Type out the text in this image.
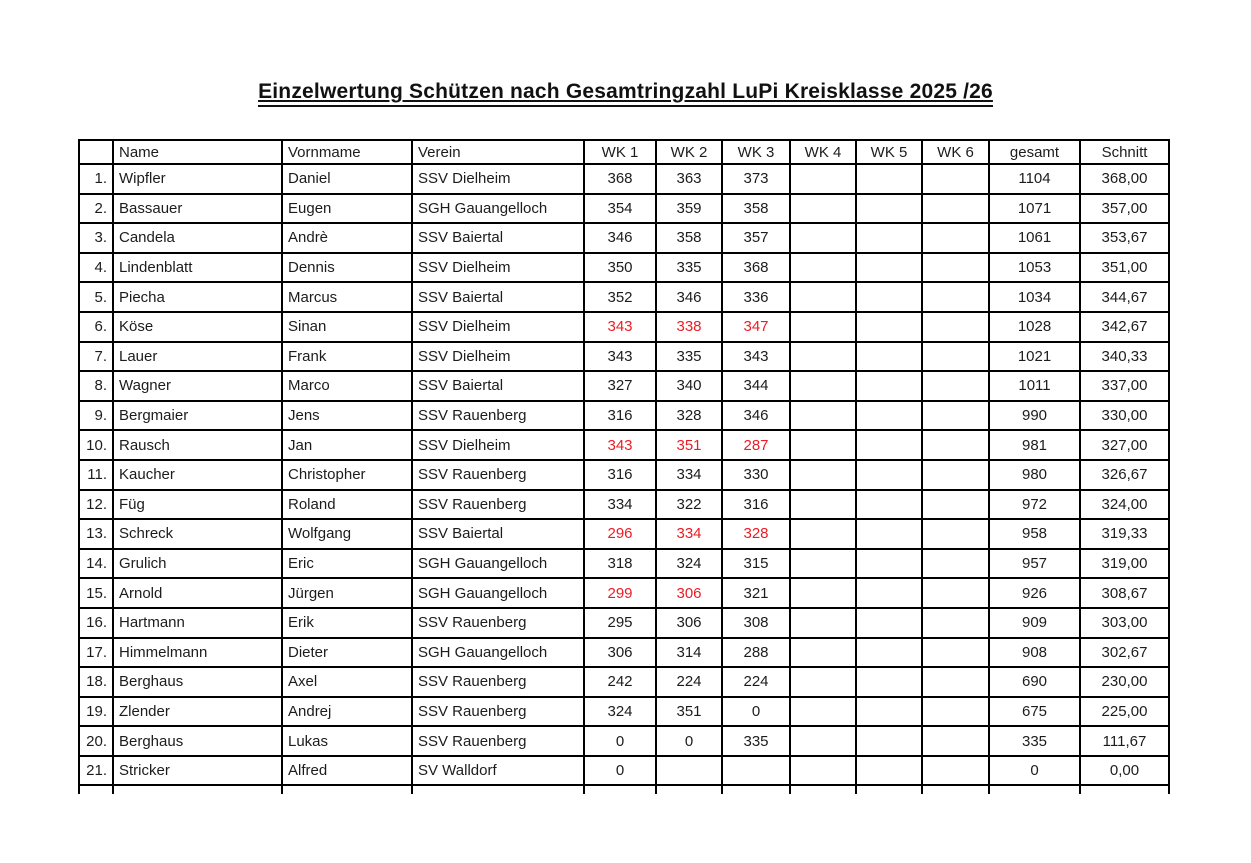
Einzelwertung Schützen nach Gesamtringzahl LuPi Kreisklasse 2025 /26
	Name	Vornmame	Verein	WK 1	WK 2	WK 3	WK 4	WK 5	WK 6	gesamt	Schnitt
1.	Wipfler	Daniel	SSV Dielheim	368	363	373				1104	368,00
2.	Bassauer	Eugen	SGH Gauangelloch	354	359	358				1071	357,00
3.	Candela	Andrè	SSV Baiertal	346	358	357				1061	353,67
4.	Lindenblatt	Dennis	SSV Dielheim	350	335	368				1053	351,00
5.	Piecha	Marcus	SSV Baiertal	352	346	336				1034	344,67
6.	Köse	Sinan	SSV Dielheim	343	338	347				1028	342,67
7.	Lauer	Frank	SSV Dielheim	343	335	343				1021	340,33
8.	Wagner	Marco	SSV Baiertal	327	340	344				1011	337,00
9.	Bergmaier	Jens	SSV Rauenberg	316	328	346				990	330,00
10.	Rausch	Jan	SSV Dielheim	343	351	287				981	327,00
11.	Kaucher	Christopher	SSV Rauenberg	316	334	330				980	326,67
12.	Füg	Roland	SSV Rauenberg	334	322	316				972	324,00
13.	Schreck	Wolfgang	SSV Baiertal	296	334	328				958	319,33
14.	Grulich	Eric	SGH Gauangelloch	318	324	315				957	319,00
15.	Arnold	Jürgen	SGH Gauangelloch	299	306	321				926	308,67
16.	Hartmann	Erik	SSV Rauenberg	295	306	308				909	303,00
17.	Himmelmann	Dieter	SGH Gauangelloch	306	314	288				908	302,67
18.	Berghaus	Axel	SSV Rauenberg	242	224	224				690	230,00
19.	Zlender	Andrej	SSV Rauenberg	324	351	0				675	225,00
20.	Berghaus	Lukas	SSV Rauenberg	0	0	335				335	111,67
21.	Stricker	Alfred	SV Walldorf	0						0	0,00
